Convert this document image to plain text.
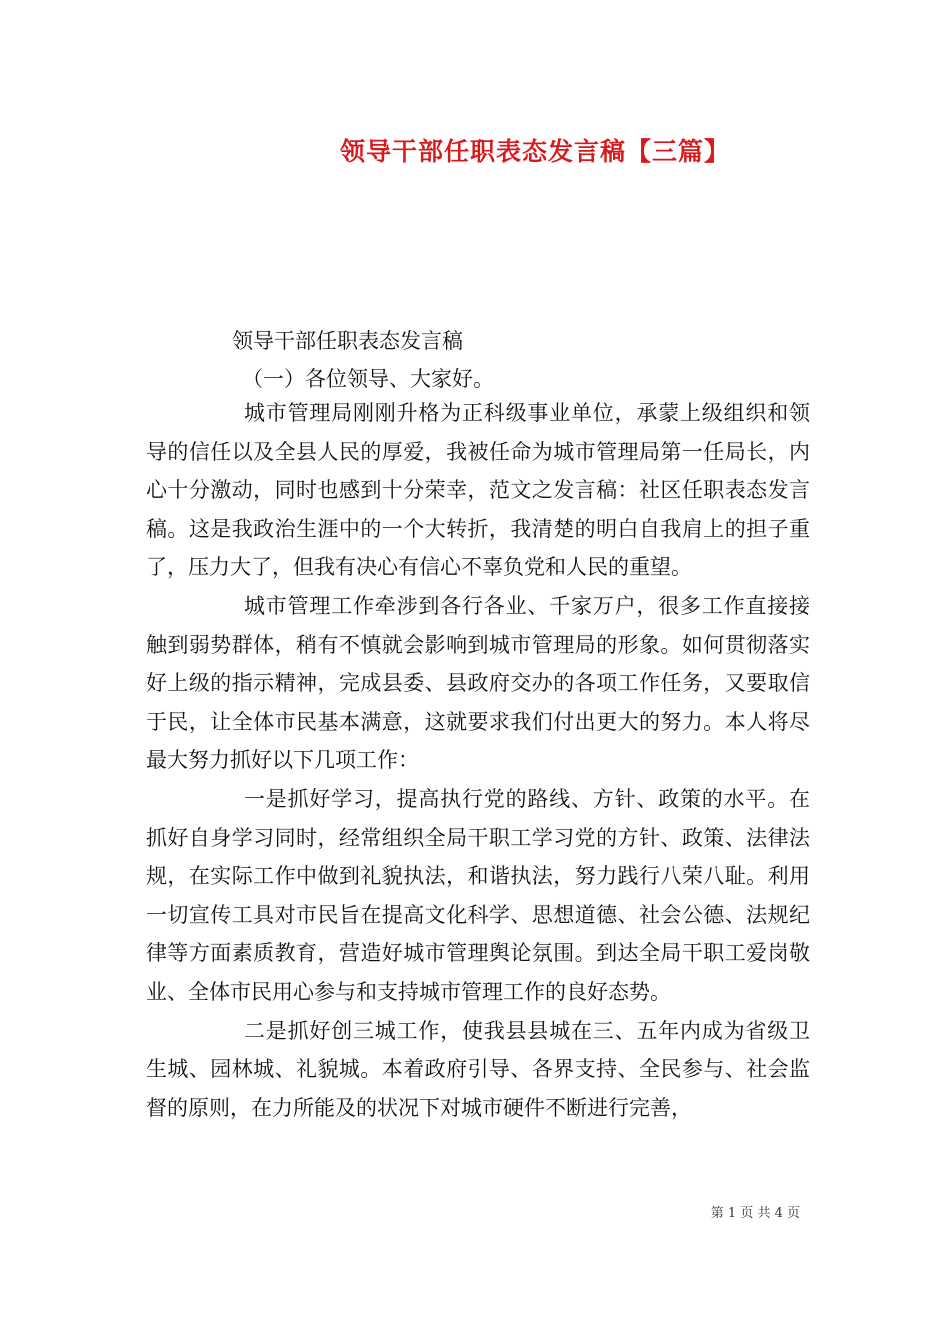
领导干部任职表态发言稿【三篇】
领导干部任职表态发言稿
（一）各位领导、大家好。

城市管理局刚刚升格为正科级事业单位，承蒙上级组织和领导的信任以及全县人民的厚爱，我被任命为城市管理局第一任局长，内心十分激动，同时也感到十分荣幸，范文之发言稿：社区任职表态发言稿。这是我政治生涯中的一个大转折，我清楚的明白自我肩上的担子重了，压力大了，但我有决心有信心不辜负党和人民的重望。

城市管理工作牵涉到各行各业、千家万户，很多工作直接接触到弱势群体，稍有不慎就会影响到城市管理局的形象。如何贯彻落实好上级的指示精神，完成县委、县政府交办的各项工作任务，又要取信于民，让全体市民基本满意，这就要求我们付出更大的努力。本人将尽最大努力抓好以下几项工作：

一是抓好学习，提高执行党的路线、方针、政策的水平。在抓好自身学习同时，经常组织全局干职工学习党的方针、政策、法律法规，在实际工作中做到礼貌执法，和谐执法，努力践行八荣八耻。利用一切宣传工具对市民旨在提高文化科学、思想道德、社会公德、法规纪律等方面素质教育，营造好城市管理舆论氛围。到达全局干职工爱岗敬业、全体市民用心参与和支持城市管理工作的良好态势。

二是抓好创三城工作，使我县县城在三、五年内成为省级卫生城、园林城、礼貌城。本着政府引导、各界支持、全民参与、社会监督的原则，在力所能及的状况下对城市硬件不断进行完善，

第 1 页 共 4 页
